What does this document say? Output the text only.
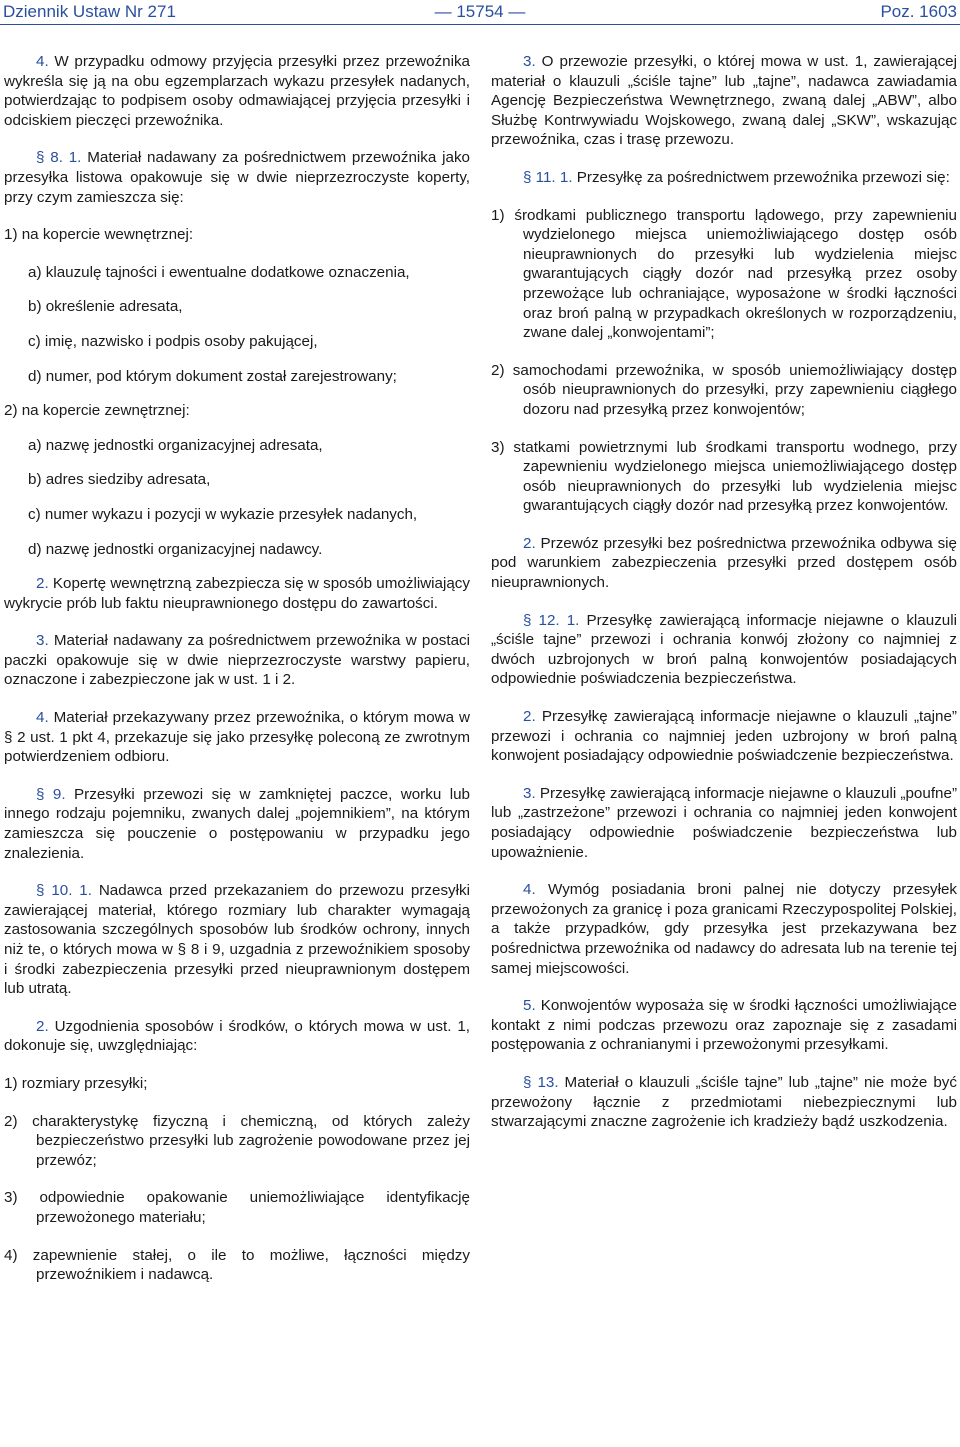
Dziennik Ustaw Nr 271	— 15754 —	Poz. 1603

4. W przypadku odmowy przyjęcia przesyłki przez przewoźnika wykreśla się ją na obu egzemplarzach wykazu przesyłek nadanych, potwierdzając to podpisem osoby odmawiającej przyjęcia przesyłki i odciskiem pieczęci przewoźnika.

§ 8. 1. Materiał nadawany za pośrednictwem przewoźnika jako przesyłka listowa opakowuje się w dwie nieprzezroczyste koperty, przy czym zamieszcza się:

1) na kopercie wewnętrznej:

a) klauzulę tajności i ewentualne dodatkowe oznaczenia,

b) określenie adresata,

c) imię, nazwisko i podpis osoby pakującej,

d) numer, pod którym dokument został zarejestrowany;

2) na kopercie zewnętrznej:

a) nazwę jednostki organizacyjnej adresata,

b) adres siedziby adresata,

c) numer wykazu i pozycji w wykazie przesyłek nadanych,

d) nazwę jednostki organizacyjnej nadawcy.

2. Kopertę wewnętrzną zabezpiecza się w sposób umożliwiający wykrycie prób lub faktu nieuprawnionego dostępu do zawartości.

3. Materiał nadawany za pośrednictwem przewoźnika w postaci paczki opakowuje się w dwie nieprzezroczyste warstwy papieru, oznaczone i zabezpieczone jak w ust. 1 i 2.

4. Materiał przekazywany przez przewoźnika, o którym mowa w § 2 ust. 1 pkt 4, przekazuje się jako przesyłkę poleconą ze zwrotnym potwierdzeniem odbioru.

§ 9. Przesyłki przewozi się w zamkniętej paczce, worku lub innego rodzaju pojemniku, zwanych dalej „pojemnikiem”, na którym zamieszcza się pouczenie o postępowaniu w przypadku jego znalezienia.

§ 10. 1. Nadawca przed przekazaniem do przewozu przesyłki zawierającej materiał, którego rozmiary lub charakter wymagają zastosowania szczególnych sposobów lub środków ochrony, innych niż te, o których mowa w § 8 i 9, uzgadnia z przewoźnikiem sposoby i środki zabezpieczenia przesyłki przed nieuprawnionym dostępem lub utratą.

2. Uzgodnienia sposobów i środków, o których mowa w ust. 1, dokonuje się, uwzględniając:

1) rozmiary przesyłki;

2) charakterystykę fizyczną i chemiczną, od których zależy bezpieczeństwo przesyłki lub zagrożenie powodowane przez jej przewóz;

3) odpowiednie opakowanie uniemożliwiające identyfikację przewożonego materiału;

4) zapewnienie stałej, o ile to możliwe, łączności między przewoźnikiem i nadawcą.

3. O przewozie przesyłki, o której mowa w ust. 1, zawierającej materiał o klauzuli „ściśle tajne” lub „tajne”, nadawca zawiadamia Agencję Bezpieczeństwa Wewnętrznego, zwaną dalej „ABW”, albo Służbę Kontrwywiadu Wojskowego, zwaną dalej „SKW”, wskazując przewoźnika, czas i trasę przewozu.

§ 11. 1. Przesyłkę za pośrednictwem przewoźnika przewozi się:

1) środkami publicznego transportu lądowego, przy zapewnieniu wydzielonego miejsca uniemożliwiającego dostęp osób nieuprawnionych do przesyłki lub wydzielenia miejsc gwarantujących ciągły dozór nad przesyłką przez osoby przewożące lub ochraniające, wyposażone w środki łączności oraz broń palną w przypadkach określonych w rozporządzeniu, zwane dalej „konwojentami”;

2) samochodami przewoźnika, w sposób uniemożliwiający dostęp osób nieuprawnionych do przesyłki, przy zapewnieniu ciągłego dozoru nad przesyłką przez konwojentów;

3) statkami powietrznymi lub środkami transportu wodnego, przy zapewnieniu wydzielonego miejsca uniemożliwiającego dostęp osób nieuprawnionych do przesyłki lub wydzielenia miejsc gwarantujących ciągły dozór nad przesyłką przez konwojentów.

2. Przewóz przesyłki bez pośrednictwa przewoźnika odbywa się pod warunkiem zabezpieczenia przesyłki przed dostępem osób nieuprawnionych.

§ 12. 1. Przesyłkę zawierającą informacje niejawne o klauzuli „ściśle tajne” przewozi i ochrania konwój złożony co najmniej z dwóch uzbrojonych w broń palną konwojentów posiadających odpowiednie poświadczenia bezpieczeństwa.

2. Przesyłkę zawierającą informacje niejawne o klauzuli „tajne” przewozi i ochrania co najmniej jeden uzbrojony w broń palną konwojent posiadający odpowiednie poświadczenie bezpieczeństwa.

3. Przesyłkę zawierającą informacje niejawne o klauzuli „poufne” lub „zastrzeżone” przewozi i ochrania co najmniej jeden konwojent posiadający odpowiednie poświadczenie bezpieczeństwa lub upoważnienie.

4. Wymóg posiadania broni palnej nie dotyczy przesyłek przewożonych za granicę i poza granicami Rzeczypospolitej Polskiej, a także przypadków, gdy przesyłka jest przekazywana bez pośrednictwa przewoźnika od nadawcy do adresata lub na terenie tej samej miejscowości.

5. Konwojentów wyposaża się w środki łączności umożliwiające kontakt z nimi podczas przewozu oraz zapoznaje się z zasadami postępowania z ochranianymi i przewożonymi przesyłkami.

§ 13. Materiał o klauzuli „ściśle tajne” lub „tajne” nie może być przewożony łącznie z przedmiotami niebezpiecznymi lub stwarzającymi znaczne zagrożenie ich kradzieży bądź uszkodzenia.
